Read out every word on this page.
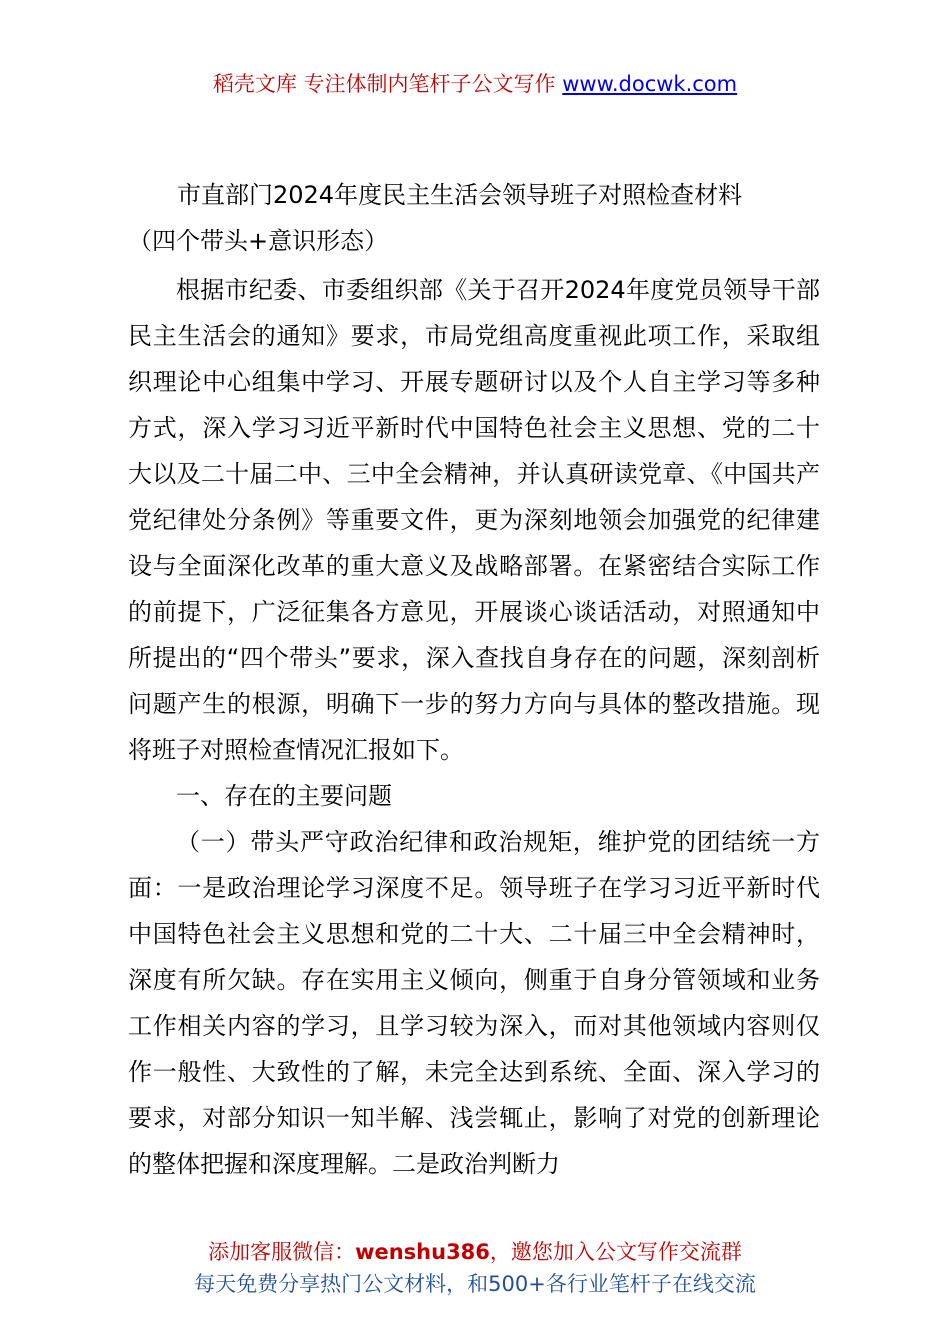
稻壳文库 专注体制内笔杆子公文写作 www.docwk.com
市直部门2024年度民主生活会领导班子对照检查材料
（四个带头+意识形态）

根据市纪委、市委组织部《关于召开2024年度党员领导干部民主生活会的通知》要求，市局党组高度重视此项工作，采取组织理论中心组集中学习、开展专题研讨以及个人自主学习等多种方式，深入学习习近平新时代中国特色社会主义思想、党的二十大以及二十届二中、三中全会精神，并认真研读党章、《中国共产党纪律处分条例》等重要文件，更为深刻地领会加强党的纪律建设与全面深化改革的重大意义及战略部署。在紧密结合实际工作的前提下，广泛征集各方意见，开展谈心谈话活动，对照通知中所提出的“四个带头”要求，深入查找自身存在的问题，深刻剖析问题产生的根源，明确下一步的努力方向与具体的整改措施。现将班子对照检查情况汇报如下。

一、存在的主要问题

（一）带头严守政治纪律和政治规矩，维护党的团结统一方面：一是政治理论学习深度不足。领导班子在学习习近平新时代中国特色社会主义思想和党的二十大、二十届三中全会精神时，深度有所欠缺。存在实用主义倾向，侧重于自身分管领域和业务工作相关内容的学习，且学习较为深入，而对其他领域内容则仅作一般性、大致性的了解，未完全达到系统、全面、深入学习的要求，对部分知识一知半解、浅尝辄止，影响了对党的创新理论的整体把握和深度理解。二是政治判断力

添加客服微信：wenshu386，邀您加入公文写作交流群
每天免费分享热门公文材料，和500+各行业笔杆子在线交流
